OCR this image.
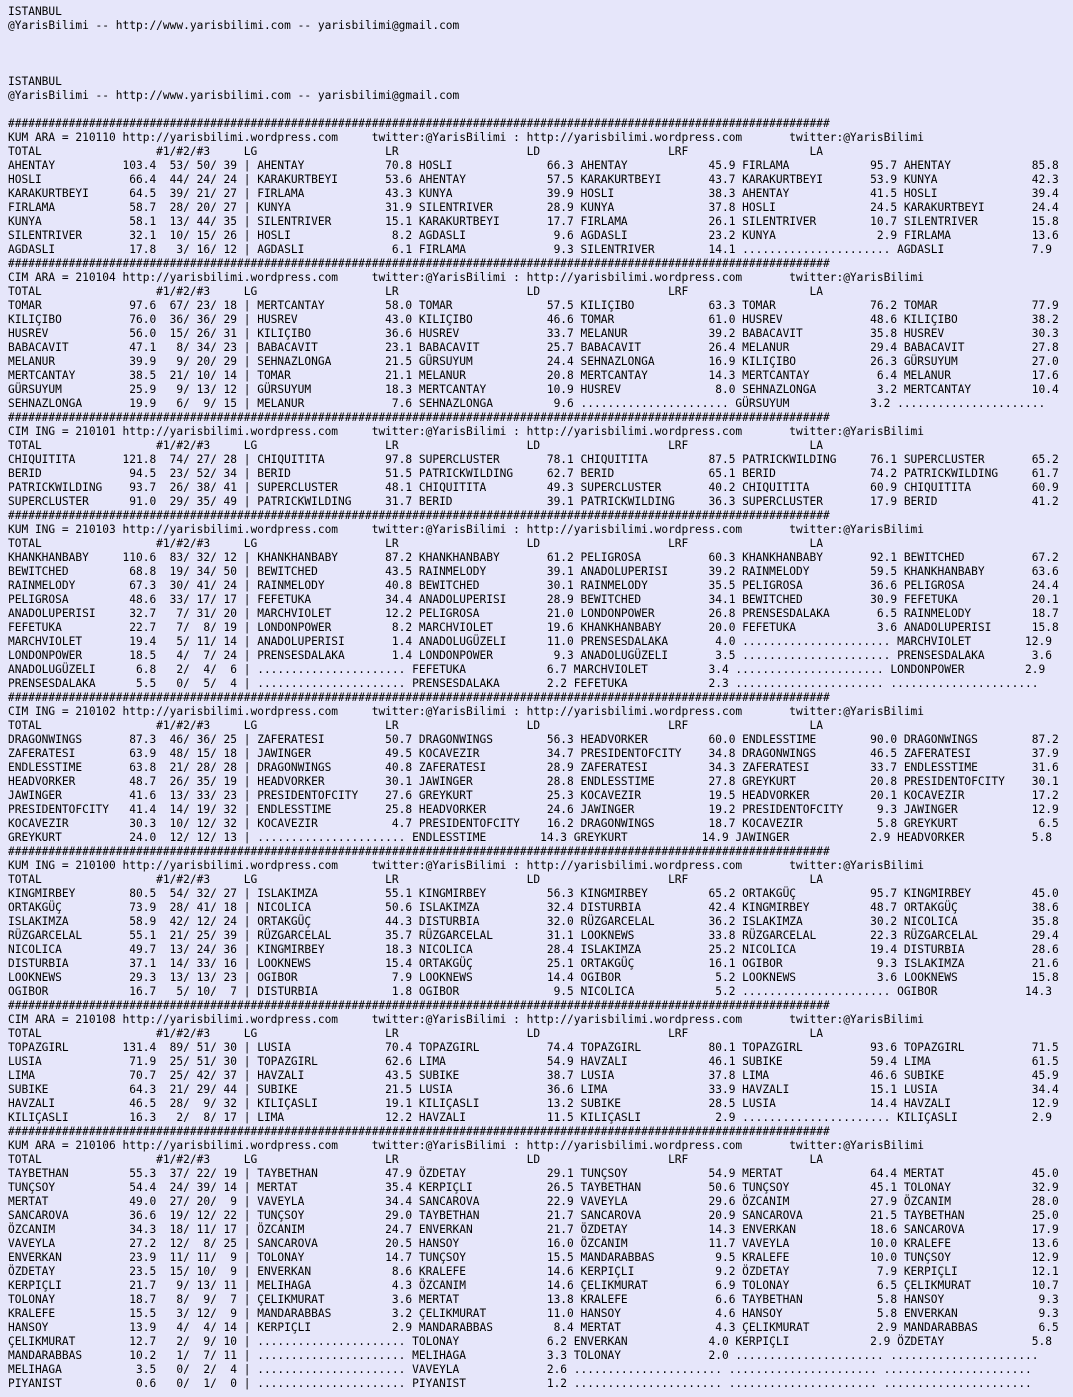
ISTANBUL
@YarisBilimi -- http://www.yarisbilimi.com -- yarisbilimi@gmail.com
ISTANBUL
@YarisBilimi -- http://www.yarisbilimi.com -- yarisbilimi@gmail.com
##########################################################################################################################
KUM ARA = 210110 http://yarisbilimi.wordpress.com     twitter:@YarisBilimi : http://yarisbilimi.wordpress.com       twitter:@YarisBilimi
TOTAL                 #1/#2/#3     LG                   LR                   LD                   LRF                  LA
AHENTAY          103.4  53/ 50/ 39 | AHENTAY            70.8 HOSLI              66.3 AHENTAY            45.9 FIRLAMA            95.7 AHENTAY            85.8
HOSLI             66.4  44/ 24/ 24 | KARAKURTBEYI       53.6 AHENTAY            57.5 KARAKURTBEYI       43.7 KARAKURTBEYI       53.9 KUNYA              42.3
KARAKURTBEYI      64.5  39/ 21/ 27 | FIRLAMA            43.3 KUNYA              39.9 HOSLI              38.3 AHENTAY            41.5 HOSLI              39.4
FIRLAMA           58.7  28/ 20/ 27 | KUNYA              31.9 SILENTRIVER        28.9 KUNYA              37.8 HOSLI              24.5 KARAKURTBEYI       24.4
KUNYA             58.1  13/ 44/ 35 | SILENTRIVER        15.1 KARAKURTBEYI       17.7 FIRLAMA            26.1 SILENTRIVER        10.7 SILENTRIVER        15.8
SILENTRIVER       32.1  10/ 15/ 26 | HOSLI               8.2 AGDASLI             9.6 AGDASLI            23.2 KUNYA               2.9 FIRLAMA            13.6
AGDASLI           17.8   3/ 16/ 12 | AGDASLI             6.1 FIRLAMA             9.3 SILENTRIVER        14.1 ...................... AGDASLI             7.9
##########################################################################################################################
CIM ARA = 210104 http://yarisbilimi.wordpress.com     twitter:@YarisBilimi : http://yarisbilimi.wordpress.com       twitter:@YarisBilimi
TOTAL                 #1/#2/#3     LG                   LR                   LD                   LRF                  LA
TOMAR             97.6  67/ 23/ 18 | MERTCANTAY         58.0 TOMAR              57.5 KILIÇIBO           63.3 TOMAR              76.2 TOMAR              77.9
KILIÇIBO          76.0  36/ 36/ 29 | HUSREV             43.0 KILIÇIBO           46.6 TOMAR              61.0 HUSREV             48.6 KILIÇIBO           38.2
HUSREV            56.0  15/ 26/ 31 | KILIÇIBO           36.6 HUSREV             33.7 MELANUR            39.2 BABACAVIT          35.8 HUSREV             30.3
BABACAVIT         47.1   8/ 34/ 23 | BABACAVIT          23.1 BABACAVIT          25.7 BABACAVIT          26.4 MELANUR            29.4 BABACAVIT          27.8
MELANUR           39.9   9/ 20/ 29 | SEHNAZLONGA        21.5 GÜRSUYUM           24.4 SEHNAZLONGA        16.9 KILIÇIBO           26.3 GÜRSUYUM           27.0
MERTCANTAY        38.5  21/ 10/ 14 | TOMAR              21.1 MELANUR            20.8 MERTCANTAY         14.3 MERTCANTAY          6.4 MELANUR            17.6
GÜRSUYUM          25.9   9/ 13/ 12 | GÜRSUYUM           18.3 MERTCANTAY         10.9 HUSREV              8.0 SEHNAZLONGA         3.2 MERTCANTAY         10.4
SEHNAZLONGA       19.9   6/  9/ 15 | MELANUR             7.6 SEHNAZLONGA         9.6 ...................... GÜRSUYUM            3.2 ......................
##########################################################################################################################
CIM ING = 210101 http://yarisbilimi.wordpress.com     twitter:@YarisBilimi : http://yarisbilimi.wordpress.com       twitter:@YarisBilimi
TOTAL                 #1/#2/#3     LG                   LR                   LD                   LRF                  LA
CHIQUITITA       121.8  74/ 27/ 28 | CHIQUITITA         97.8 SUPERCLUSTER       78.1 CHIQUITITA         87.5 PATRICKWILDING     76.1 SUPERCLUSTER       65.2
BERID             94.5  23/ 52/ 34 | BERID              51.5 PATRICKWILDING     62.7 BERID              65.1 BERID              74.2 PATRICKWILDING     61.7
PATRICKWILDING    93.7  26/ 38/ 41 | SUPERCLUSTER       48.1 CHIQUITITA         49.3 SUPERCLUSTER       40.2 CHIQUITITA         60.9 CHIQUITITA         60.9
SUPERCLUSTER      91.0  29/ 35/ 49 | PATRICKWILDING     31.7 BERID              39.1 PATRICKWILDING     36.3 SUPERCLUSTER       17.9 BERID              41.2
##########################################################################################################################
KUM ING = 210103 http://yarisbilimi.wordpress.com     twitter:@YarisBilimi : http://yarisbilimi.wordpress.com       twitter:@YarisBilimi
TOTAL                 #1/#2/#3     LG                   LR                   LD                   LRF                  LA
KHANKHANBABY     110.6  83/ 32/ 12 | KHANKHANBABY       87.2 KHANKHANBABY       61.2 PELIGROSA          60.3 KHANKHANBABY       92.1 BEWITCHED          67.2
BEWITCHED         68.8  19/ 34/ 50 | BEWITCHED          43.5 RAINMELODY         39.1 ANADOLUPERISI      39.2 RAINMELODY         59.5 KHANKHANBABY       63.6
RAINMELODY        67.3  30/ 41/ 24 | RAINMELODY         40.8 BEWITCHED          30.1 RAINMELODY         35.5 PELIGROSA          36.6 PELIGROSA          24.4
PELIGROSA         48.6  33/ 17/ 17 | FEFETUKA           34.4 ANADOLUPERISI      28.9 BEWITCHED          34.1 BEWITCHED          30.9 FEFETUKA           20.1
ANADOLUPERISI     32.7   7/ 31/ 20 | MARCHVIOLET        12.2 PELIGROSA          21.0 LONDONPOWER        26.8 PRENSESDALAKA       6.5 RAINMELODY         18.7
FEFETUKA          22.7   7/  8/ 19 | LONDONPOWER         8.2 MARCHVIOLET        19.6 KHANKHANBABY       20.0 FEFETUKA            3.6 ANADOLUPERISI      15.8
MARCHVIOLET       19.4   5/ 11/ 14 | ANADOLUPERISI       1.4 ANADOLUGÜZELI      11.0 PRENSESDALAKA       4.0 ...................... MARCHVIOLET        12.9
LONDONPOWER       18.5   4/  7/ 24 | PRENSESDALAKA       1.4 LONDONPOWER         9.3 ANADOLUGÜZELI       3.5 ...................... PRENSESDALAKA       3.6
ANADOLUGÜZELI      6.8   2/  4/  6 | ...................... FEFETUKA            6.7 MARCHVIOLET         3.4 ...................... LONDONPOWER         2.9
PRENSESDALAKA      5.5   0/  5/  4 | ...................... PRENSESDALAKA       2.2 FEFETUKA            2.3 ...................... ......................
##########################################################################################################################
CIM ING = 210102 http://yarisbilimi.wordpress.com     twitter:@YarisBilimi : http://yarisbilimi.wordpress.com       twitter:@YarisBilimi
TOTAL                 #1/#2/#3     LG                   LR                   LD                   LRF                  LA
DRAGONWINGS       87.3  46/ 36/ 25 | ZAFERATESI         50.7 DRAGONWINGS        56.3 HEADVORKER         60.0 ENDLESSTIME        90.0 DRAGONWINGS        87.2
ZAFERATESI        63.9  48/ 15/ 18 | JAWINGER           49.5 KOCAVEZIR          34.7 PRESIDENTOFCITY    34.8 DRAGONWINGS        46.5 ZAFERATESI         37.9
ENDLESSTIME       63.8  21/ 28/ 28 | DRAGONWINGS        40.8 ZAFERATESI         28.9 ZAFERATESI         34.3 ZAFERATESI         33.7 ENDLESSTIME        31.6
HEADVORKER        48.7  26/ 35/ 19 | HEADVORKER         30.1 JAWINGER           28.8 ENDLESSTIME        27.8 GREYKURT           20.8 PRESIDENTOFCITY    30.1
JAWINGER          41.6  13/ 33/ 23 | PRESIDENTOFCITY    27.6 GREYKURT           25.3 KOCAVEZIR          19.5 HEADVORKER         20.1 KOCAVEZIR          17.2
PRESIDENTOFCITY   41.4  14/ 19/ 32 | ENDLESSTIME        25.8 HEADVORKER         24.6 JAWINGER           19.2 PRESIDENTOFCITY     9.3 JAWINGER           12.9
KOCAVEZIR         30.3  10/ 12/ 32 | KOCAVEZIR           4.7 PRESIDENTOFCITY    16.2 DRAGONWINGS        18.7 KOCAVEZIR           5.8 GREYKURT            6.5
GREYKURT          24.0  12/ 12/ 13 | ...................... ENDLESSTIME        14.3 GREYKURT           14.9 JAWINGER            2.9 HEADVORKER          5.8
##########################################################################################################################
KUM ING = 210100 http://yarisbilimi.wordpress.com     twitter:@YarisBilimi : http://yarisbilimi.wordpress.com       twitter:@YarisBilimi
TOTAL                 #1/#2/#3     LG                   LR                   LD                   LRF                  LA
KINGMIRBEY        80.5  54/ 32/ 27 | ISLAKIMZA          55.1 KINGMIRBEY         56.3 KINGMIRBEY         65.2 ORTAKGÜÇ           95.7 KINGMIRBEY         45.0
ORTAKGÜÇ          73.9  28/ 41/ 18 | NICOLICA           50.6 ISLAKIMZA          32.4 DISTURBIA          42.4 KINGMIRBEY         48.7 ORTAKGÜÇ           38.6
ISLAKIMZA         58.9  42/ 12/ 24 | ORTAKGÜÇ           44.3 DISTURBIA          32.0 RÜZGARCELAL        36.2 ISLAKIMZA          30.2 NICOLICA           35.8
RÜZGARCELAL       55.1  21/ 25/ 39 | RÜZGARCELAL        35.7 RÜZGARCELAL        31.1 LOOKNEWS           33.8 RÜZGARCELAL        22.3 RÜZGARCELAL        29.4
NICOLICA          49.7  13/ 24/ 36 | KINGMIRBEY         18.3 NICOLICA           28.4 ISLAKIMZA          25.2 NICOLICA           19.4 DISTURBIA          28.6
DISTURBIA         37.1  14/ 33/ 16 | LOOKNEWS           15.4 ORTAKGÜÇ           25.1 ORTAKGÜÇ           16.1 OGIBOR              9.3 ISLAKIMZA          21.6
LOOKNEWS          29.3  13/ 13/ 23 | OGIBOR              7.9 LOOKNEWS           14.4 OGIBOR              5.2 LOOKNEWS            3.6 LOOKNEWS           15.8
OGIBOR            16.7   5/ 10/  7 | DISTURBIA           1.8 OGIBOR              9.5 NICOLICA            5.2 ...................... OGIBOR             14.3
##########################################################################################################################
CIM ARA = 210108 http://yarisbilimi.wordpress.com     twitter:@YarisBilimi : http://yarisbilimi.wordpress.com       twitter:@YarisBilimi
TOTAL                 #1/#2/#3     LG                   LR                   LD                   LRF                  LA
TOPAZGIRL        131.4  89/ 51/ 30 | LUSIA              70.4 TOPAZGIRL          74.4 TOPAZGIRL          80.1 TOPAZGIRL          93.6 TOPAZGIRL          71.5
LUSIA             71.9  25/ 51/ 30 | TOPAZGIRL          62.6 LIMA               54.9 HAVZALI            46.1 SUBIKE             59.4 LIMA               61.5
LIMA              70.7  25/ 42/ 37 | HAVZALI            43.5 SUBIKE             38.7 LUSIA              37.8 LIMA               46.6 SUBIKE             45.9
SUBIKE            64.3  21/ 29/ 44 | SUBIKE             21.5 LUSIA              36.6 LIMA               33.9 HAVZALI            15.1 LUSIA              34.4
HAVZALI           46.5  28/  9/ 32 | KILIÇASLI          19.1 KILIÇASLI          13.2 SUBIKE             28.5 LUSIA              14.4 HAVZALI            12.9
KILIÇASLI         16.3   2/  8/ 17 | LIMA               12.2 HAVZALI            11.5 KILIÇASLI           2.9 ...................... KILIÇASLI           2.9
##########################################################################################################################
KUM ARA = 210106 http://yarisbilimi.wordpress.com     twitter:@YarisBilimi : http://yarisbilimi.wordpress.com       twitter:@YarisBilimi
TOTAL                 #1/#2/#3     LG                   LR                   LD                   LRF                  LA
TAYBETHAN         55.3  37/ 22/ 19 | TAYBETHAN          47.9 ÖZDETAY            29.1 TUNÇSOY            54.9 MERTAT             64.4 MERTAT             45.0
TUNÇSOY           54.4  24/ 39/ 14 | MERTAT             35.4 KERPIÇLI           26.5 TAYBETHAN          50.6 TUNÇSOY            45.1 TOLONAY            32.9
MERTAT            49.0  27/ 20/  9 | VAVEYLA            34.4 SANCAROVA          22.9 VAVEYLA            29.6 ÖZCANIM            27.9 ÖZCANIM            28.0
SANCAROVA         36.6  19/ 12/ 22 | TUNÇSOY            29.0 TAYBETHAN          21.7 SANCAROVA          20.9 SANCAROVA          21.5 TAYBETHAN          25.0
ÖZCANIM           34.3  18/ 11/ 17 | ÖZCANIM            24.7 ENVERKAN           21.7 ÖZDETAY            14.3 ENVERKAN           18.6 SANCAROVA          17.9
VAVEYLA           27.2  12/  8/ 25 | SANCAROVA          20.5 HANSOY             16.0 ÖZCANIM            11.7 VAVEYLA            10.0 KRALEFE            13.6
ENVERKAN          23.9  11/ 11/  9 | TOLONAY            14.7 TUNÇSOY            15.5 MANDARABBAS         9.5 KRALEFE            10.0 TUNÇSOY            12.9
ÖZDETAY           23.5  15/ 10/  9 | ENVERKAN            8.6 KRALEFE            14.6 KERPIÇLI            9.2 ÖZDETAY             7.9 KERPIÇLI           12.1
KERPIÇLI          21.7   9/ 13/ 11 | MELIHAGA            4.3 ÖZCANIM            14.6 ÇELIKMURAT          6.9 TOLONAY             6.5 ÇELIKMURAT         10.7
TOLONAY           18.7   8/  9/  7 | ÇELIKMURAT          3.6 MERTAT             13.8 KRALEFE             6.6 TAYBETHAN           5.8 HANSOY              9.3
KRALEFE           15.5   3/ 12/  9 | MANDARABBAS         3.2 ÇELIKMURAT         11.0 HANSOY              4.6 HANSOY              5.8 ENVERKAN            9.3
HANSOY            13.9   4/  4/ 14 | KERPIÇLI            2.9 MANDARABBAS         8.4 MERTAT              4.3 ÇELIKMURAT          2.9 MANDARABBAS         6.5
ÇELIKMURAT        12.7   2/  9/ 10 | ...................... TOLONAY             6.2 ENVERKAN            4.0 KERPIÇLI            2.9 ÖZDETAY             5.8
MANDARABBAS       10.2   1/  7/ 11 | ...................... MELIHAGA            3.3 TOLONAY             2.0 ...................... ......................
MELIHAGA           3.5   0/  2/  4 | ...................... VAVEYLA             2.6 ...................... ...................... ......................
PIYANIST           0.6   0/  1/  0 | ...................... PIYANIST            1.2 ...................... ...................... ......................
